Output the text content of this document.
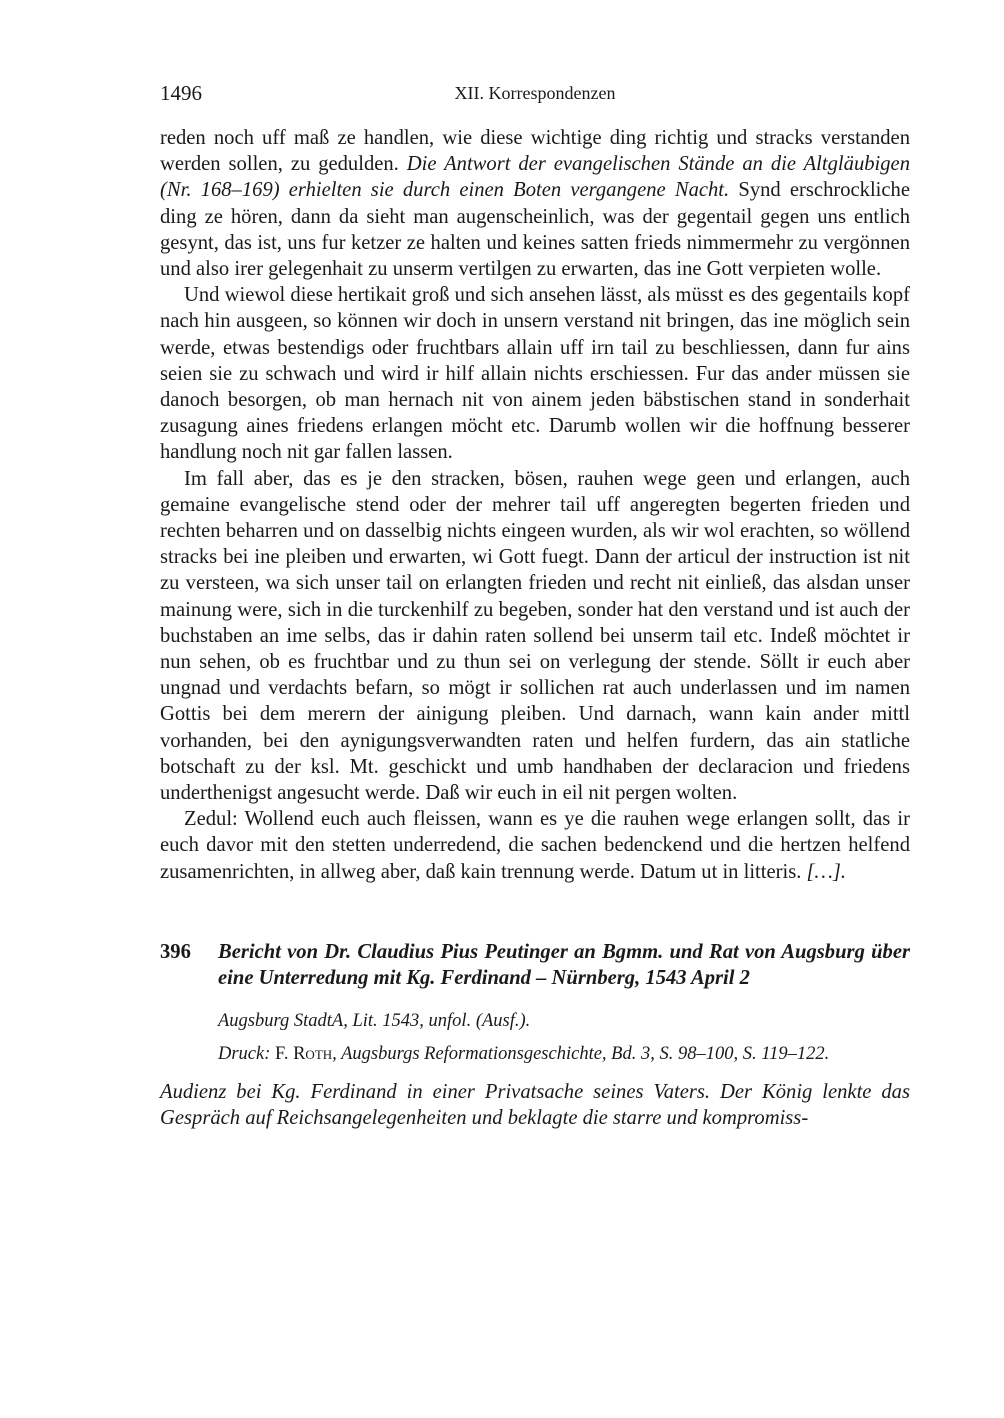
1496	XII. Korrespondenzen

reden noch uff maß ze handlen, wie diese wichtige ding richtig und stracks verstanden werden sollen, zu gedulden. Die Antwort der evangelischen Stände an die Altgläubigen (Nr. 168–169) erhielten sie durch einen Boten vergangene Nacht. Synd erschrockliche ding ze hören, dann da sieht man augenscheinlich, was der gegentail gegen uns entlich gesynt, das ist, uns fur ketzer ze halten und keines satten frieds nimmermehr zu vergönnen und also irer gelegenhait zu unserm vertilgen zu erwarten, das ine Gott verpieten wolle.

Und wiewol diese hertikait groß und sich ansehen lässt, als müsst es des gegentails kopf nach hin ausgeen, so können wir doch in unsern verstand nit bringen, das ine möglich sein werde, etwas bestendigs oder fruchtbars allain uff irn tail zu beschliessen, dann fur ains seien sie zu schwach und wird ir hilf allain nichts erschiessen. Fur das ander müssen sie danoch besorgen, ob man hernach nit von ainem jeden bäbstischen stand in sonderhait zusagung aines friedens erlangen möcht etc. Darumb wollen wir die hoffnung besserer handlung noch nit gar fallen lassen.

Im fall aber, das es je den stracken, bösen, rauhen wege geen und erlangen, auch gemaine evangelische stend oder der mehrer tail uff angeregten begerten frieden und rechten beharren und on dasselbig nichts eingeen wurden, als wir wol erachten, so wöllend stracks bei ine pleiben und erwarten, wi Gott fuegt. Dann der articul der instruction ist nit zu versteen, wa sich unser tail on erlangten frieden und recht nit einließ, das alsdan unser mainung were, sich in die turckenhilf zu begeben, sonder hat den verstand und ist auch der buchstaben an ime selbs, das ir dahin raten sollend bei unserm tail etc. Indeß möchtet ir nun sehen, ob es fruchtbar und zu thun sei on verlegung der stende. Söllt ir euch aber ungnad und verdachts befarn, so mögt ir sollichen rat auch underlassen und im namen Gottis bei dem merern der ainigung pleiben. Und darnach, wann kain ander mittl vorhanden, bei den aynigungsverwandten raten und helfen furdern, das ain statliche botschaft zu der ksl. Mt. geschickt und umb handhaben der declaracion und friedens underthenigst angesucht werde. Daß wir euch in eil nit pergen wolten.

Zedul: Wollend euch auch fleissen, wann es ye die rauhen wege erlangen sollt, das ir euch davor mit den stetten underredend, die sachen bedenckend und die hertzen helfend zusamenrichten, in allweg aber, daß kain trennung werde. Datum ut in litteris. […].

396 Bericht von Dr. Claudius Pius Peutinger an Bgmm. und Rat von Augsburg über eine Unterredung mit Kg. Ferdinand – Nürnberg, 1543 April 2
Augsburg StadtA, Lit. 1543, unfol. (Ausf.).
Druck: F. Roth, Augsburgs Reformationsgeschichte, Bd. 3, S. 98–100, S. 119–122.
Audienz bei Kg. Ferdinand in einer Privatsache seines Vaters. Der König lenkte das Gespräch auf Reichsangelegenheiten und beklagte die starre und kompromiss-
